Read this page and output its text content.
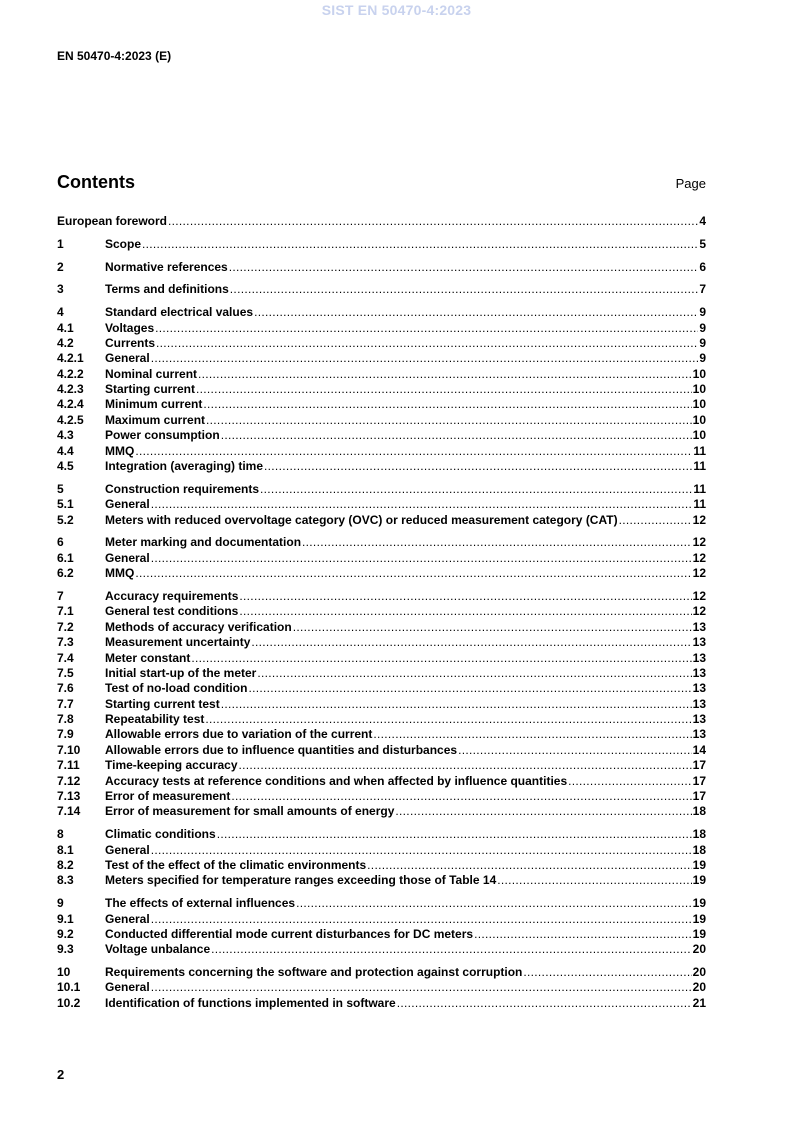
SIST EN 50470-4:2023
EN 50470-4:2023 (E)
Contents	Page
European foreword .....	4
1	Scope .....	5
2	Normative references .....	6
3	Terms and definitions .....	7
4	Standard electrical values .....	9
4.1	Voltages .....	9
4.2	Currents .....	9
4.2.1	General .....	9
4.2.2	Nominal current .....	10
4.2.3	Starting current .....	10
4.2.4	Minimum current .....	10
4.2.5	Maximum current .....	10
4.3	Power consumption .....	10
4.4	MMQ .....	11
4.5	Integration (averaging) time .....	11
5	Construction requirements .....	11
5.1	General .....	11
5.2	Meters with reduced overvoltage category (OVC) or reduced measurement category (CAT) .....	12
6	Meter marking and documentation .....	12
6.1	General .....	12
6.2	MMQ .....	12
7	Accuracy requirements .....	12
7.1	General test conditions .....	12
7.2	Methods of accuracy verification .....	13
7.3	Measurement uncertainty .....	13
7.4	Meter constant .....	13
7.5	Initial start-up of the meter .....	13
7.6	Test of no-load condition .....	13
7.7	Starting current test .....	13
7.8	Repeatability test .....	13
7.9	Allowable errors due to variation of the current .....	13
7.10	Allowable errors due to influence quantities and disturbances .....	14
7.11	Time-keeping accuracy .....	17
7.12	Accuracy tests at reference conditions and when affected by influence quantities .....	17
7.13	Error of measurement .....	17
7.14	Error of measurement for small amounts of energy .....	18
8	Climatic conditions .....	18
8.1	General .....	18
8.2	Test of the effect of the climatic environments .....	19
8.3	Meters specified for temperature ranges exceeding those of Table 14 .....	19
9	The effects of external influences .....	19
9.1	General .....	19
9.2	Conducted differential mode current disturbances for DC meters .....	19
9.3	Voltage unbalance .....	20
10	Requirements concerning the software and protection against corruption .....	20
10.1	General .....	20
10.2	Identification of functions implemented in software .....	21
2
